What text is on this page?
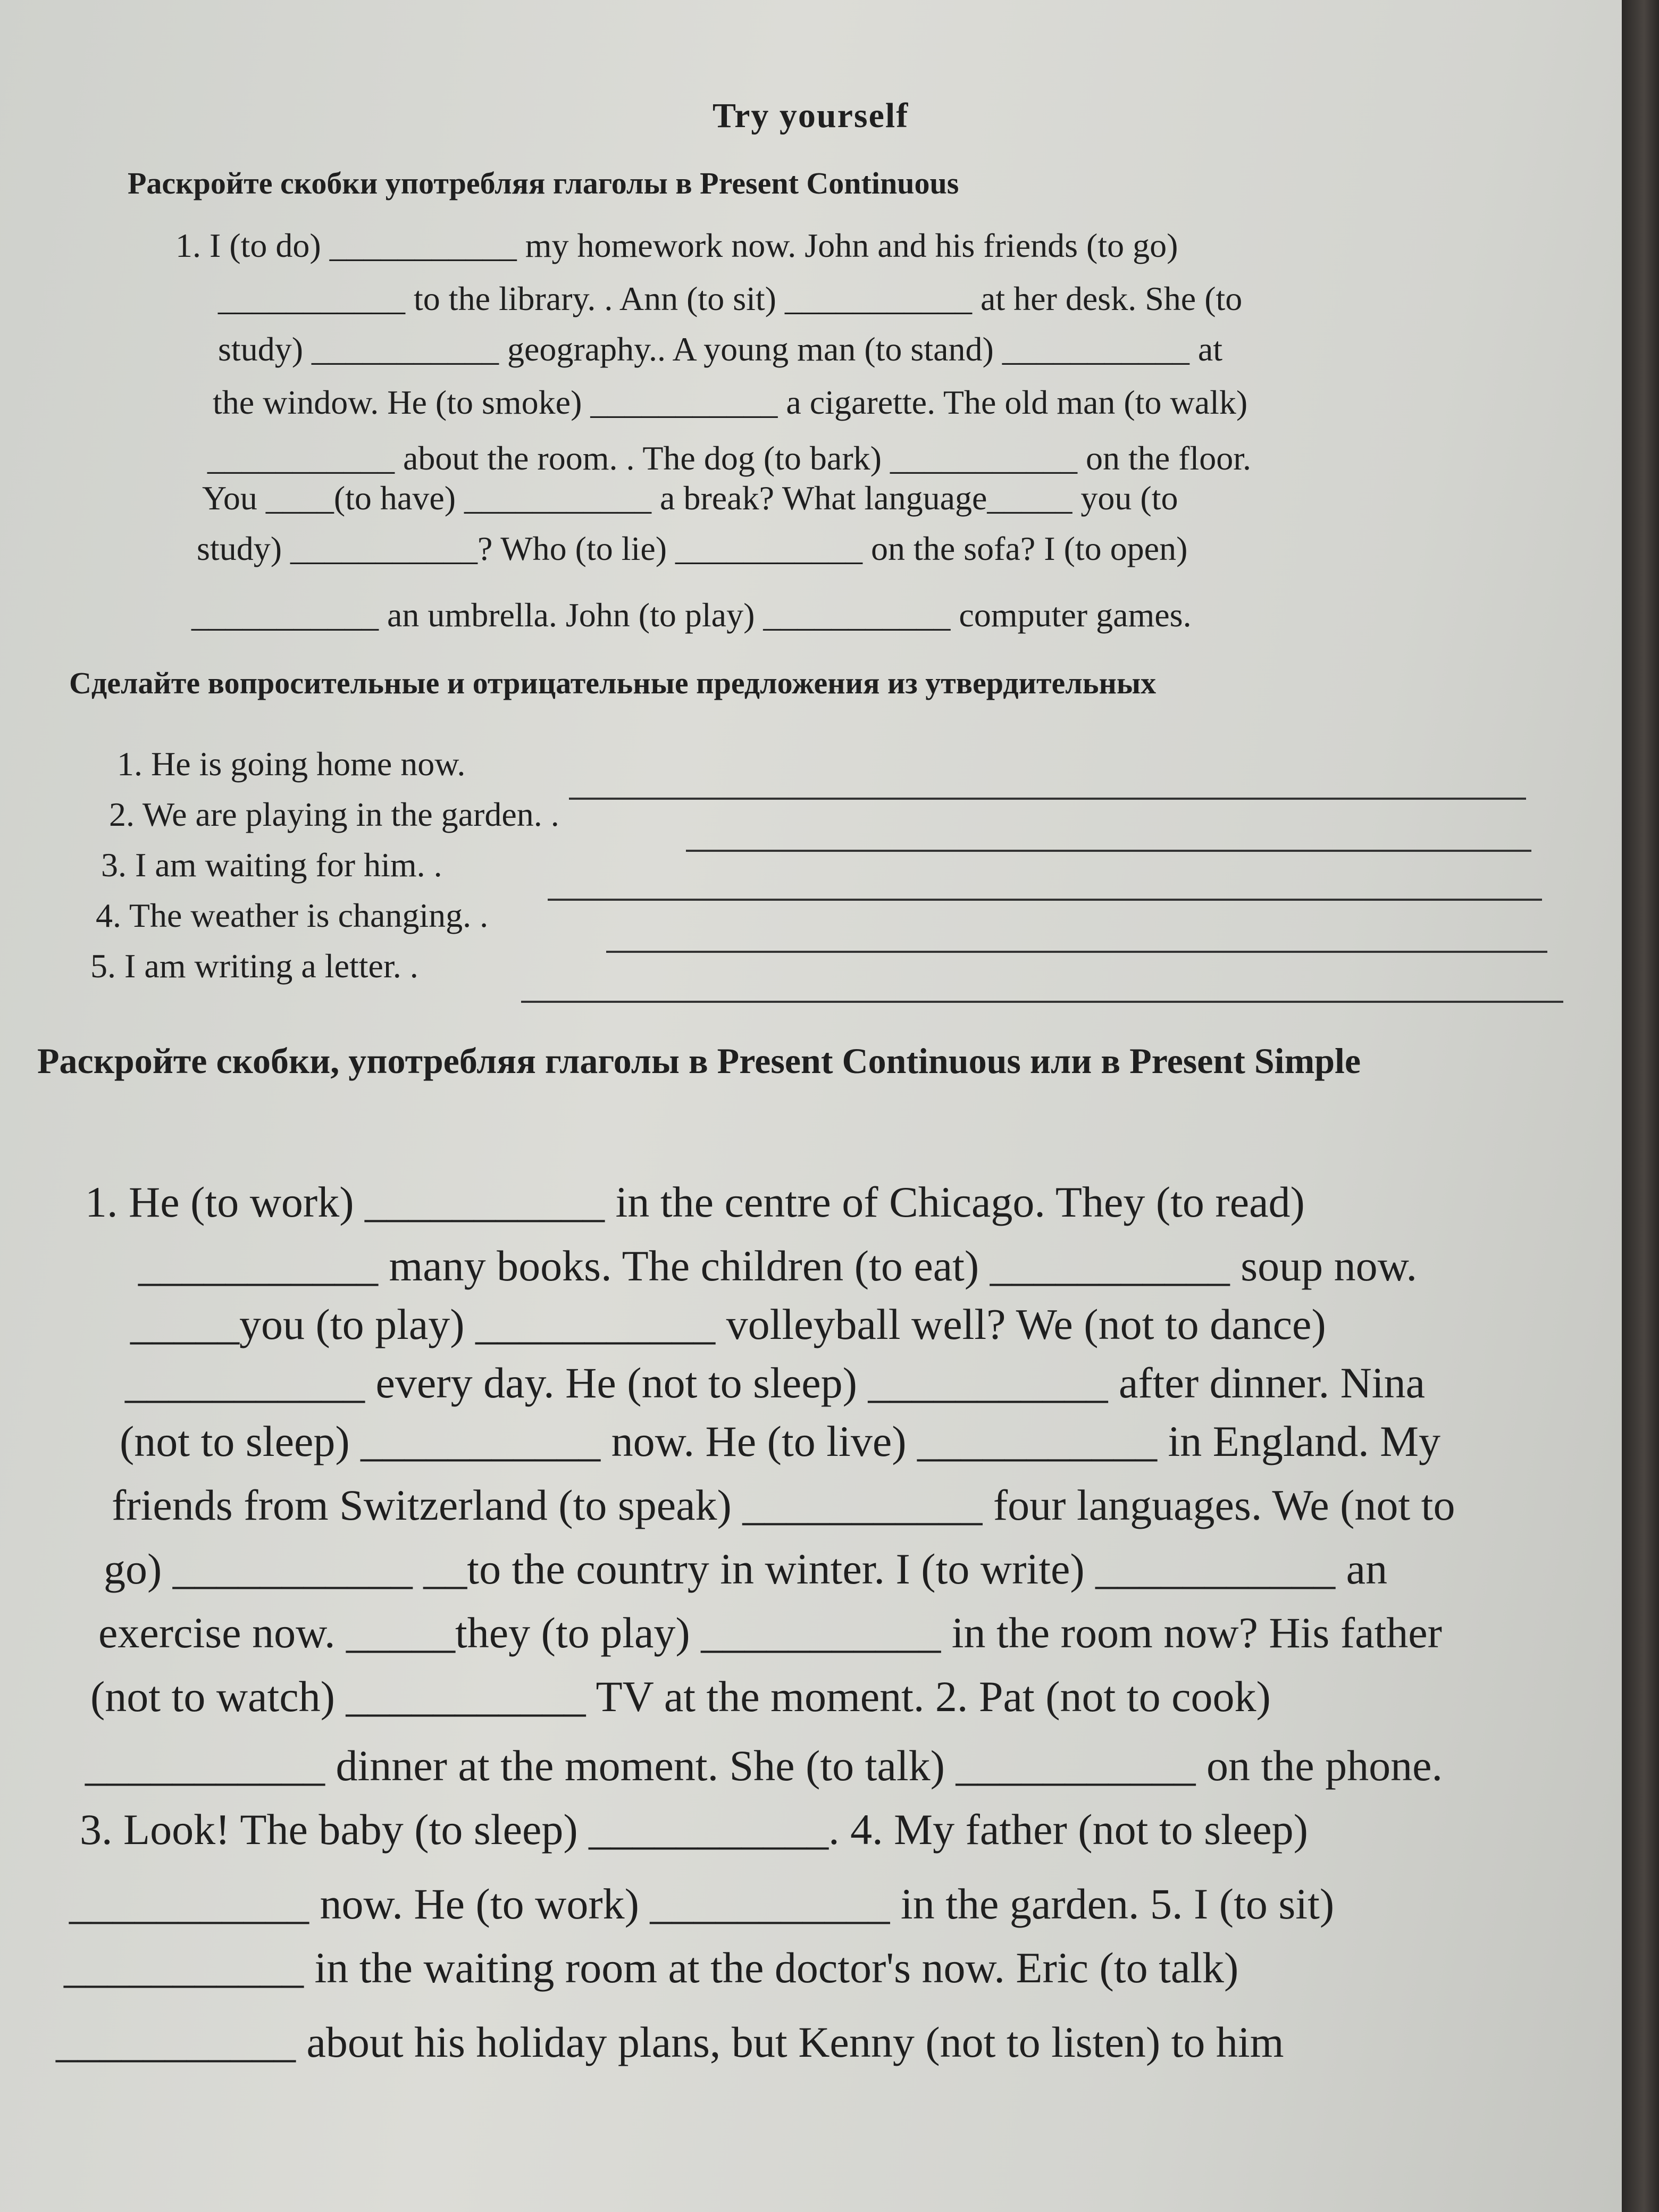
Try yourself
Раскройте скобки употребляя глаголы в Present Continuous
1. I (to do) ___________ my homework now. John and his friends (to go)
___________ to the library. . Ann (to sit) ___________ at her desk. She (to
study) ___________ geography.. A young man (to stand) ___________ at
the window. He (to smoke) ___________ a cigarette. The old man (to walk)
___________ about the room. . The dog (to bark) ___________ on the floor.
You ____(to have) ___________ a break? What language_____ you (to
study) ___________? Who (to lie) ___________ on the sofa? I (to open)
___________ an umbrella. John (to play) ___________ computer games.
Сделайте вопросительные и отрицательные предложения из утвердительных
1. He is going home now.
2. We are playing in the garden. .
3. I am waiting for him. .
4. The weather is changing. .
5. I am writing a letter. .
Раскройте скобки, употребляя глаголы в Present Continuous или в Present Simple
1. He (to work) ___________ in the centre of Chicago. They (to read)
___________ many books. The children (to eat) ___________ soup now.
_____you (to play) ___________ volleyball well? We (not to dance)
___________ every day. He (not to sleep) ___________ after dinner. Nina
(not to sleep) ___________ now. He (to live) ___________ in England. My
friends from Switzerland (to speak) ___________ four languages. We (not to
go) ___________ __to the country in winter. I (to write) ___________ an
exercise now. _____they (to play) ___________ in the room now? His father
(not to watch) ___________ TV at the moment. 2. Pat (not to cook)
___________ dinner at the moment. She (to talk) ___________ on the phone.
3. Look! The baby (to sleep) ___________. 4. My father (not to sleep)
___________ now. He (to work) ___________ in the garden. 5. I (to sit)
___________ in the waiting room at the doctor's now. Eric (to talk)
___________ about his holiday plans, but Kenny (not to listen) to him
